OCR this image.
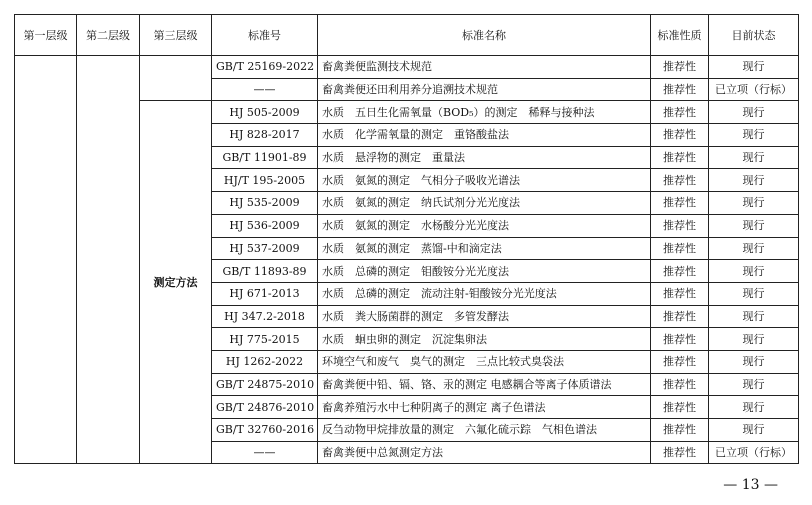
第一层级	第二层级	第三层级	标准号	标准名称	标准性质	目前状态
			GB/T 25169-2022	畜禽粪便监测技术规范	推荐性	现行
			——	畜禽粪便还田利用养分追溯技术规范	推荐性	已立项（行标）
		测定方法	HJ 505-2009	水质　五日生化需氧量（BOD₅）的测定　稀释与接种法	推荐性	现行
			HJ 828-2017	水质　化学需氧量的测定　重铬酸盐法	推荐性	现行
			GB/T 11901-89	水质　悬浮物的测定　重量法	推荐性	现行
			HJ/T 195-2005	水质　氨氮的测定　气相分子吸收光谱法	推荐性	现行
			HJ 535-2009	水质　氨氮的测定　纳氏试剂分光光度法	推荐性	现行
			HJ 536-2009	水质　氨氮的测定　水杨酸分光光度法	推荐性	现行
			HJ 537-2009	水质　氨氮的测定　蒸馏-中和滴定法	推荐性	现行
			GB/T 11893-89	水质　总磷的测定　钼酸铵分光光度法	推荐性	现行
			HJ 671-2013	水质　总磷的测定　流动注射-钼酸铵分光光度法	推荐性	现行
			HJ 347.2-2018	水质　粪大肠菌群的测定　多管发酵法	推荐性	现行
			HJ 775-2015	水质　蛔虫卵的测定　沉淀集卵法	推荐性	现行
			HJ 1262-2022	环境空气和废气　臭气的测定　三点比较式臭袋法	推荐性	现行
			GB/T 24875-2010	畜禽粪便中铅、镉、铬、汞的测定 电感耦合等离子体质谱法	推荐性	现行
			GB/T 24876-2010	畜禽养殖污水中七种阴离子的测定 离子色谱法	推荐性	现行
			GB/T 32760-2016	反刍动物甲烷排放量的测定　六氟化硫示踪　气相色谱法	推荐性	现行
			——	畜禽粪便中总氮测定方法	推荐性	已立项（行标）
— 13 —
